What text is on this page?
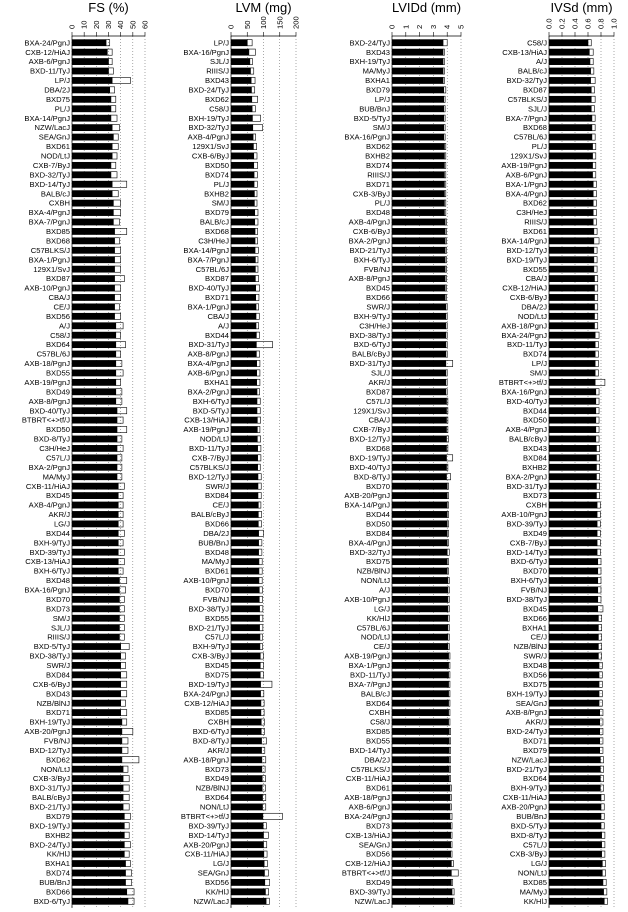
FS (%)
0 10 20 30 40 50 60
BXA-24/PgnJ
CXB-12/HiAJ
AXB-6/PgnJ
BXD-11/TyJ
LP/J
DBA/2J
BXD75
PL/J
BXA-14/PgnJ
NZW/LacJ
SEA/GnJ
BXD61
NOD/LtJ
CXB-7/ByJ
BXD-32/TyJ
BXD-14/TyJ
BALB/cJ
CXBH
BXA-4/PgnJ
BXA-7/PgnJ
BXD85
BXD68
C57BLKS/J
BXA-1/PgnJ
129X1/SvJ
BXD87
AXB-10/PgnJ
CBA/J
CE/J
BXD56
A/J
C58/J
BXD64
C57BL/6J
AXB-18/PgnJ
BXD55
AXB-19/PgnJ
BXD49
AXB-8/PgnJ
BXD-40/TyJ
BTBRT<+>tf/J
BXD50
BXD-8/TyJ
C3H/HeJ
C57L/J
BXA-2/PgnJ
MA/MyJ
CXB-11/HiAJ
BXD45
AXB-4/PgnJ
AKR/J
LG/J
BXD44
BXH-9/TyJ
BXD-39/TyJ
CXB-13/HiAJ
BXH-6/TyJ
BXD48
BXA-16/PgnJ
BXD70
BXD73
SM/J
SJL/J
RIIIS/J
BXD-5/TyJ
BXD-38/TyJ
SWR/J
BXD84
CXB-6/ByJ
BXD43
NZB/BlNJ
BXD71
BXH-19/TyJ
AXB-20/PgnJ
FVB/NJ
BXD-12/TyJ
BXD62
NON/LtJ
CXB-3/ByJ
BXD-31/TyJ
BALB/cByJ
BXD-21/TyJ
BXD79
BXD-19/TyJ
BXHB2
BXD-24/TyJ
KK/HlJ
BXHA1
BXD74
BUB/BnJ
BXD66
BXD-6/TyJ
LVM (mg)
0 50 100 150 200
LP/J
BXA-16/PgnJ
SJL/J
RIIIS/J
BXD43
BXD-24/TyJ
BXD62
C58/J
BXH-19/TyJ
BXD-32/TyJ
AXB-4/PgnJ
129X1/SvJ
CXB-6/ByJ
BXD50
BXD74
PL/J
BXHB2
SM/J
BXD79
BALB/cJ
BXD68
C3H/HeJ
BXA-14/PgnJ
BXA-7/PgnJ
C57BL/6J
BXD87
BXD-40/TyJ
BXD71
BXA-1/PgnJ
CBA/J
A/J
BXD44
BXD-31/TyJ
AXB-8/PgnJ
BXA-4/PgnJ
AXB-6/PgnJ
BXHA1
BXA-2/PgnJ
BXH-6/TyJ
BXD-5/TyJ
CXB-13/HiAJ
AXB-19/PgnJ
NOD/LtJ
BXD-11/TyJ
CXB-7/ByJ
C57BLKS/J
BXD-12/TyJ
SWR/J
BXD84
CE/J
BALB/cByJ
BXD66
DBA/2J
BUB/BnJ
BXD48
MA/MyJ
BXD61
AXB-10/PgnJ
BXD70
FVB/NJ
BXD-38/TyJ
BXD55
BXD-21/TyJ
C57L/J
BXH-9/TyJ
CXB-3/ByJ
BXD45
BXD75
BXD-19/TyJ
BXA-24/PgnJ
CXB-12/HiAJ
BXD85
CXBH
BXD-6/TyJ
BXD-8/TyJ
AKR/J
AXB-18/PgnJ
BXD73
BXD49
NZB/BlNJ
BXD64
NON/LtJ
BTBRT<+>tf/J
BXD-39/TyJ
BXD-14/TyJ
AXB-20/PgnJ
CXB-11/HiAJ
LG/J
SEA/GnJ
BXD56
KK/HlJ
NZW/LacJ
LVIDd (mm)
0 1 2 3 4 5
BXD-24/TyJ
BXD43
BXH-19/TyJ
MA/MyJ
BXHA1
BXD79
LP/J
BUB/BnJ
BXD-5/TyJ
SM/J
BXA-16/PgnJ
BXD62
BXHB2
BXD74
RIIIS/J
BXD71
CXB-3/ByJ
PL/J
BXD48
AXB-4/PgnJ
CXB-6/ByJ
BXA-2/PgnJ
BXD-21/TyJ
BXH-6/TyJ
FVB/NJ
AXB-8/PgnJ
BXD45
BXD66
SWR/J
BXH-9/TyJ
C3H/HeJ
BXD-38/TyJ
BXD-6/TyJ
BALB/cByJ
BXD-31/TyJ
SJL/J
AKR/J
BXD87
C57L/J
129X1/SvJ
CBA/J
CXB-7/ByJ
BXD-12/TyJ
BXD68
BXD-19/TyJ
BXD-40/TyJ
BXD-8/TyJ
BXD70
AXB-20/PgnJ
BXA-14/PgnJ
BXD44
BXD50
BXD84
BXA-4/PgnJ
BXD-32/TyJ
BXD75
NZB/BlNJ
NON/LtJ
A/J
AXB-10/PgnJ
LG/J
KK/HlJ
C57BL/6J
NOD/LtJ
CE/J
AXB-19/PgnJ
BXA-1/PgnJ
BXD-11/TyJ
BXA-7/PgnJ
BALB/cJ
BXD64
CXBH
C58/J
BXD85
BXD55
BXD-14/TyJ
DBA/2J
C57BLKS/J
CXB-11/HiAJ
BXD61
AXB-18/PgnJ
AXB-6/PgnJ
BXA-24/PgnJ
BXD73
CXB-13/HiAJ
SEA/GnJ
BXD56
CXB-12/HiAJ
BTBRT<+>tf/J
BXD49
BXD-39/TyJ
NZW/LacJ
IVSd (mm)
0.0 0.2 0.4 0.6 0.8 1.0
C58/J
CXB-13/HiAJ
A/J
BALB/cJ
BXD-32/TyJ
BXD87
C57BLKS/J
SJL/J
BXA-7/PgnJ
BXD68
C57BL/6J
PL/J
129X1/SvJ
AXB-19/PgnJ
AXB-6/PgnJ
BXA-1/PgnJ
BXA-4/PgnJ
BXD62
C3H/HeJ
RIIIS/J
BXD61
BXA-14/PgnJ
BXD-12/TyJ
BXD-19/TyJ
BXD55
CBA/J
CXB-12/HiAJ
CXB-6/ByJ
DBA/2J
NOD/LtJ
AXB-18/PgnJ
BXA-24/PgnJ
BXD-11/TyJ
BXD74
LP/J
SM/J
BTBRT<+>tf/J
BXA-16/PgnJ
BXD-40/TyJ
BXD44
BXD50
AXB-4/PgnJ
BALB/cByJ
BXD43
BXD84
BXHB2
BXA-2/PgnJ
BXD-31/TyJ
BXD73
CXBH
AXB-10/PgnJ
BXD-39/TyJ
BXD49
CXB-7/ByJ
BXD-14/TyJ
BXD-6/TyJ
BXD70
BXH-6/TyJ
FVB/NJ
BXD-38/TyJ
BXD45
BXD66
BXHA1
CE/J
NZB/BlNJ
SWR/J
BXD48
BXD56
BXD75
BXH-19/TyJ
SEA/GnJ
AXB-8/PgnJ
AKR/J
BXD-24/TyJ
BXD71
BXD79
NZW/LacJ
BXD-21/TyJ
BXD64
BXH-9/TyJ
CXB-11/HiAJ
AXB-20/PgnJ
BUB/BnJ
BXD-5/TyJ
BXD-8/TyJ
C57L/J
CXB-3/ByJ
LG/J
NON/LtJ
BXD85
MA/MyJ
KK/HlJ
